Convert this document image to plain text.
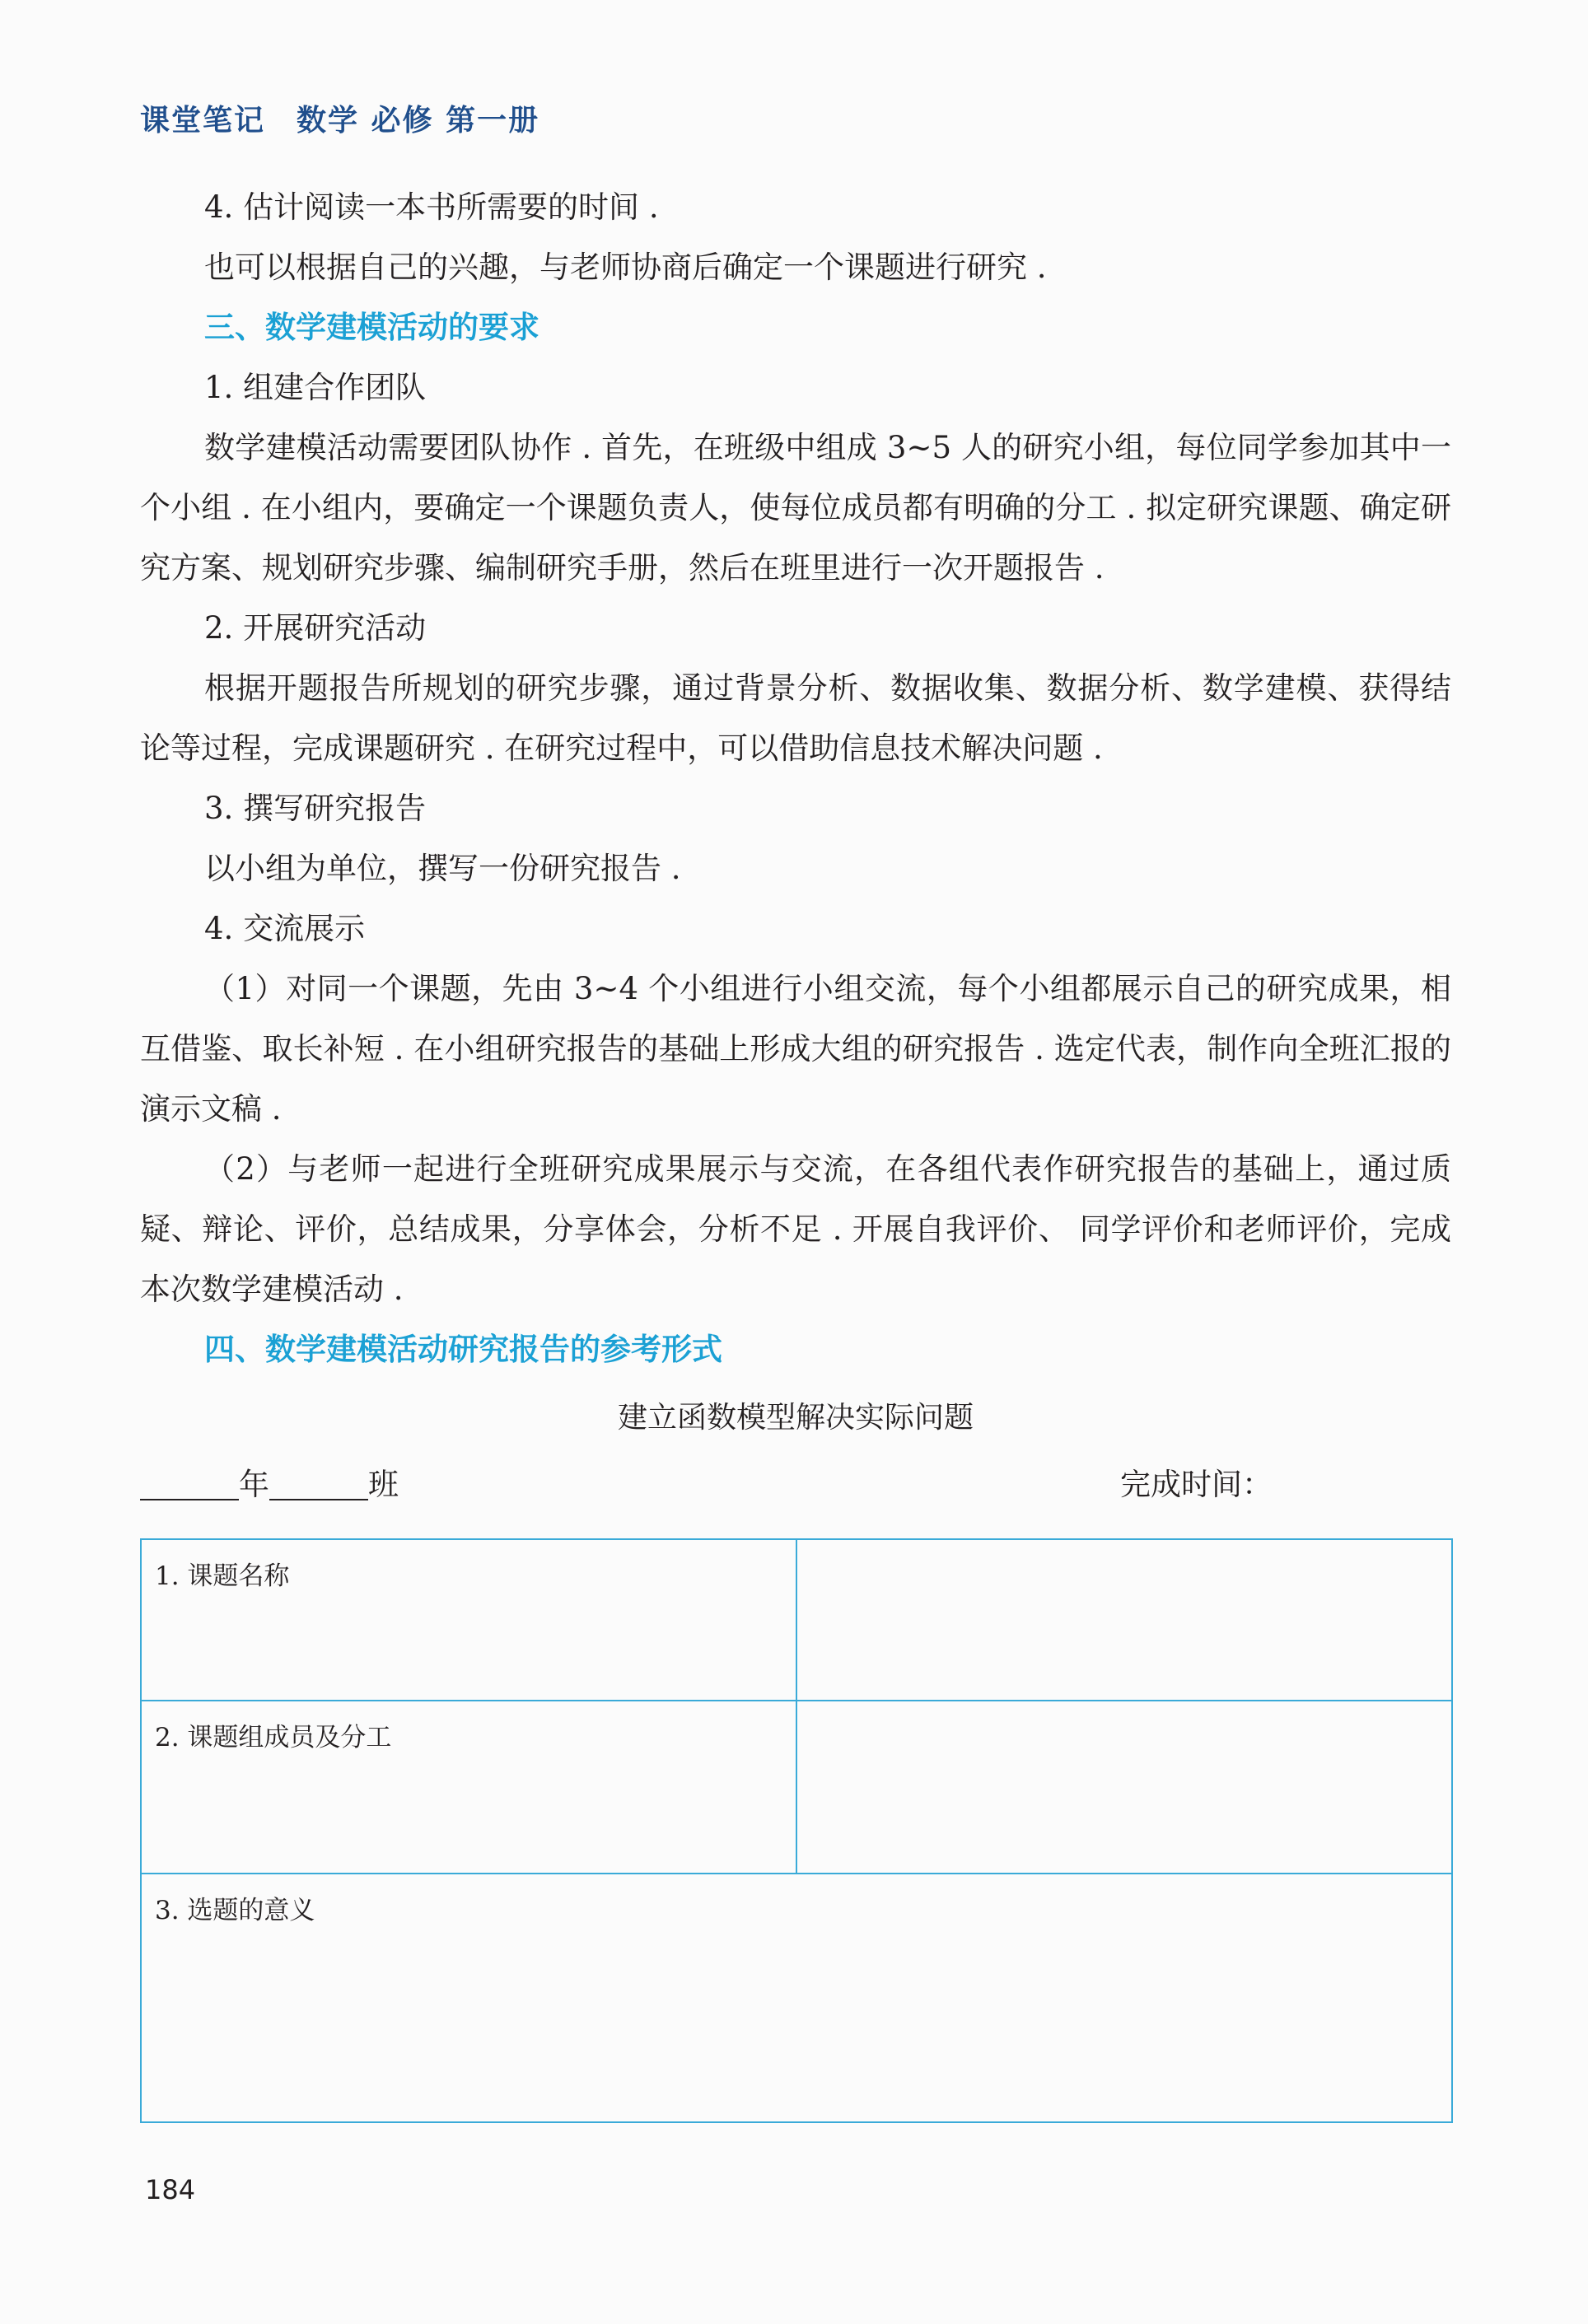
课堂笔记　数学 必修 第一册

4. 估计阅读一本书所需要的时间 .

也可以根据自己的兴趣，与老师协商后确定一个课题进行研究 .

三、数学建模活动的要求

1. 组建合作团队

数学建模活动需要团队协作 . 首先，在班级中组成 3~5 人的研究小组，每位同学参加其中一个小组 . 在小组内，要确定一个课题负责人，使每位成员都有明确的分工 . 拟定研究课题、确定研究方案、规划研究步骤、编制研究手册，然后在班里进行一次开题报告 .

2. 开展研究活动

根据开题报告所规划的研究步骤，通过背景分析、数据收集、数据分析、数学建模、获得结论等过程，完成课题研究 . 在研究过程中，可以借助信息技术解决问题 .

3. 撰写研究报告

以小组为单位，撰写一份研究报告 .

4. 交流展示

（1）对同一个课题，先由 3~4 个小组进行小组交流，每个小组都展示自己的研究成果，相互借鉴、取长补短 . 在小组研究报告的基础上形成大组的研究报告 . 选定代表，制作向全班汇报的演示文稿 .

（2）与老师一起进行全班研究成果展示与交流，在各组代表作研究报告的基础上，通过质疑、辩论、评价，总结成果，分享体会，分析不足 . 开展自我评价、 同学评价和老师评价，完成本次数学建模活动 .

四、数学建模活动研究报告的参考形式
建立函数模型解决实际问题
年	班	完成时间：
1. 课题名称	
2. 课题组成员及分工	
3. 选题的意义	
184
